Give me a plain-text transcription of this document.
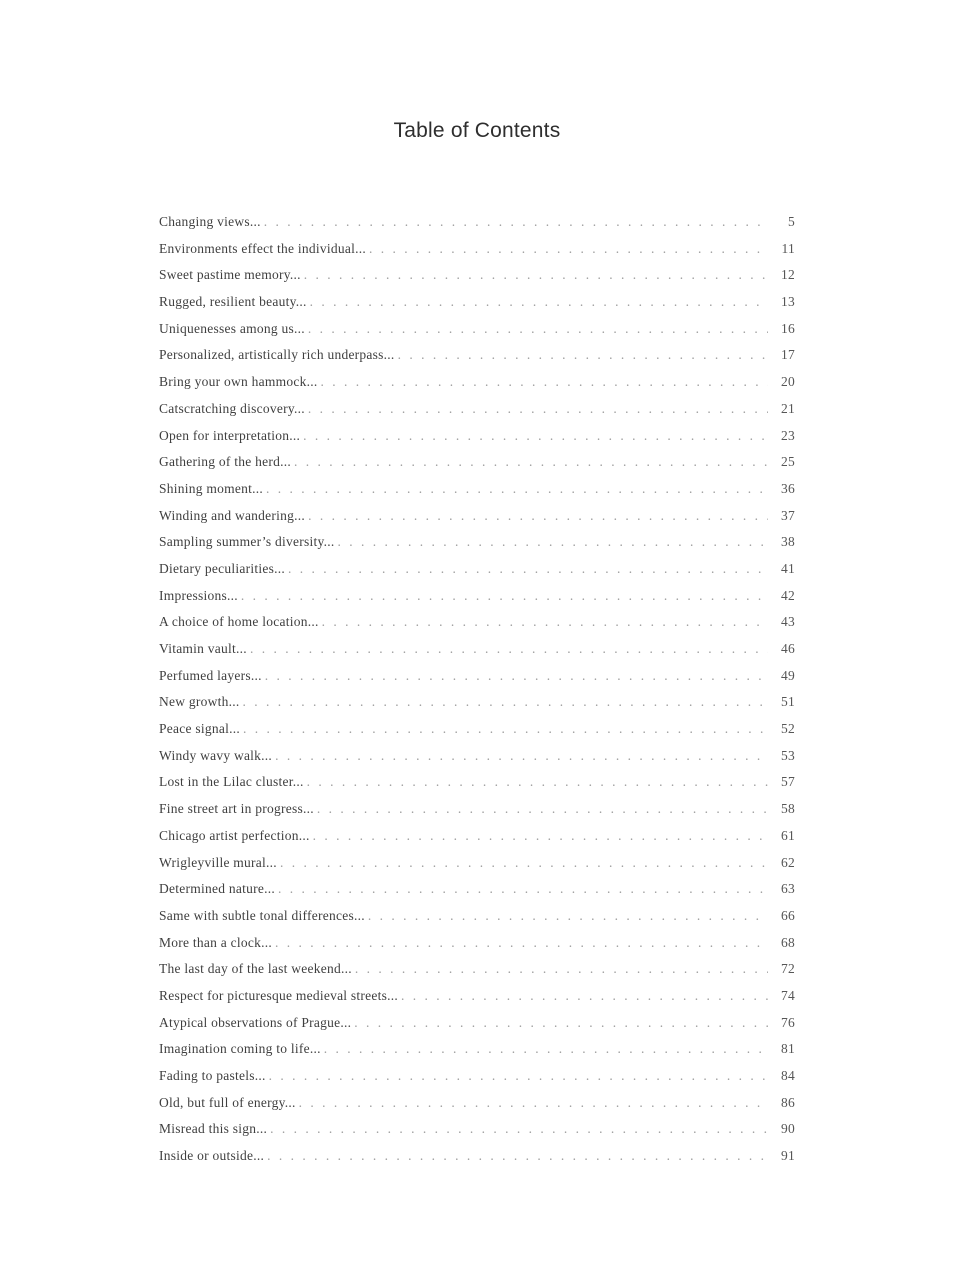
Table of Contents
Changing views... . . .	5
Environments effect the individual... . . .	11
Sweet pastime memory... . . .	12
Rugged, resilient beauty... . . .	13
Uniquenesses among us... . . .	16
Personalized, artistically rich underpass... . . .	17
Bring your own hammock... . . .	20
Catscratching discovery... . . .	21
Open for interpretation... . . .	23
Gathering of the herd... . . .	25
Shining moment... . . .	36
Winding and wandering... . . .	37
Sampling summer’s diversity... . . .	38
Dietary peculiarities... . . .	41
Impressions... . . .	42
A choice of home location... . . .	43
Vitamin vault... . . .	46
Perfumed layers... . . .	49
New growth... . . .	51
Peace signal... . . .	52
Windy wavy walk... . . .	53
Lost in the Lilac cluster... . . .	57
Fine street art in progress... . . .	58
Chicago artist perfection... . . .	61
Wrigleyville mural... . . .	62
Determined nature... . . .	63
Same with subtle tonal differences... . . .	66
More than a clock... . . .	68
The last day of the last weekend... . . .	72
Respect for picturesque medieval streets... . . .	74
Atypical observations of Prague... . . .	76
Imagination coming to life... . . .	81
Fading to pastels... . . .	84
Old, but full of energy... . . .	86
Misread this sign... . . .	90
Inside or outside... . . .	91
